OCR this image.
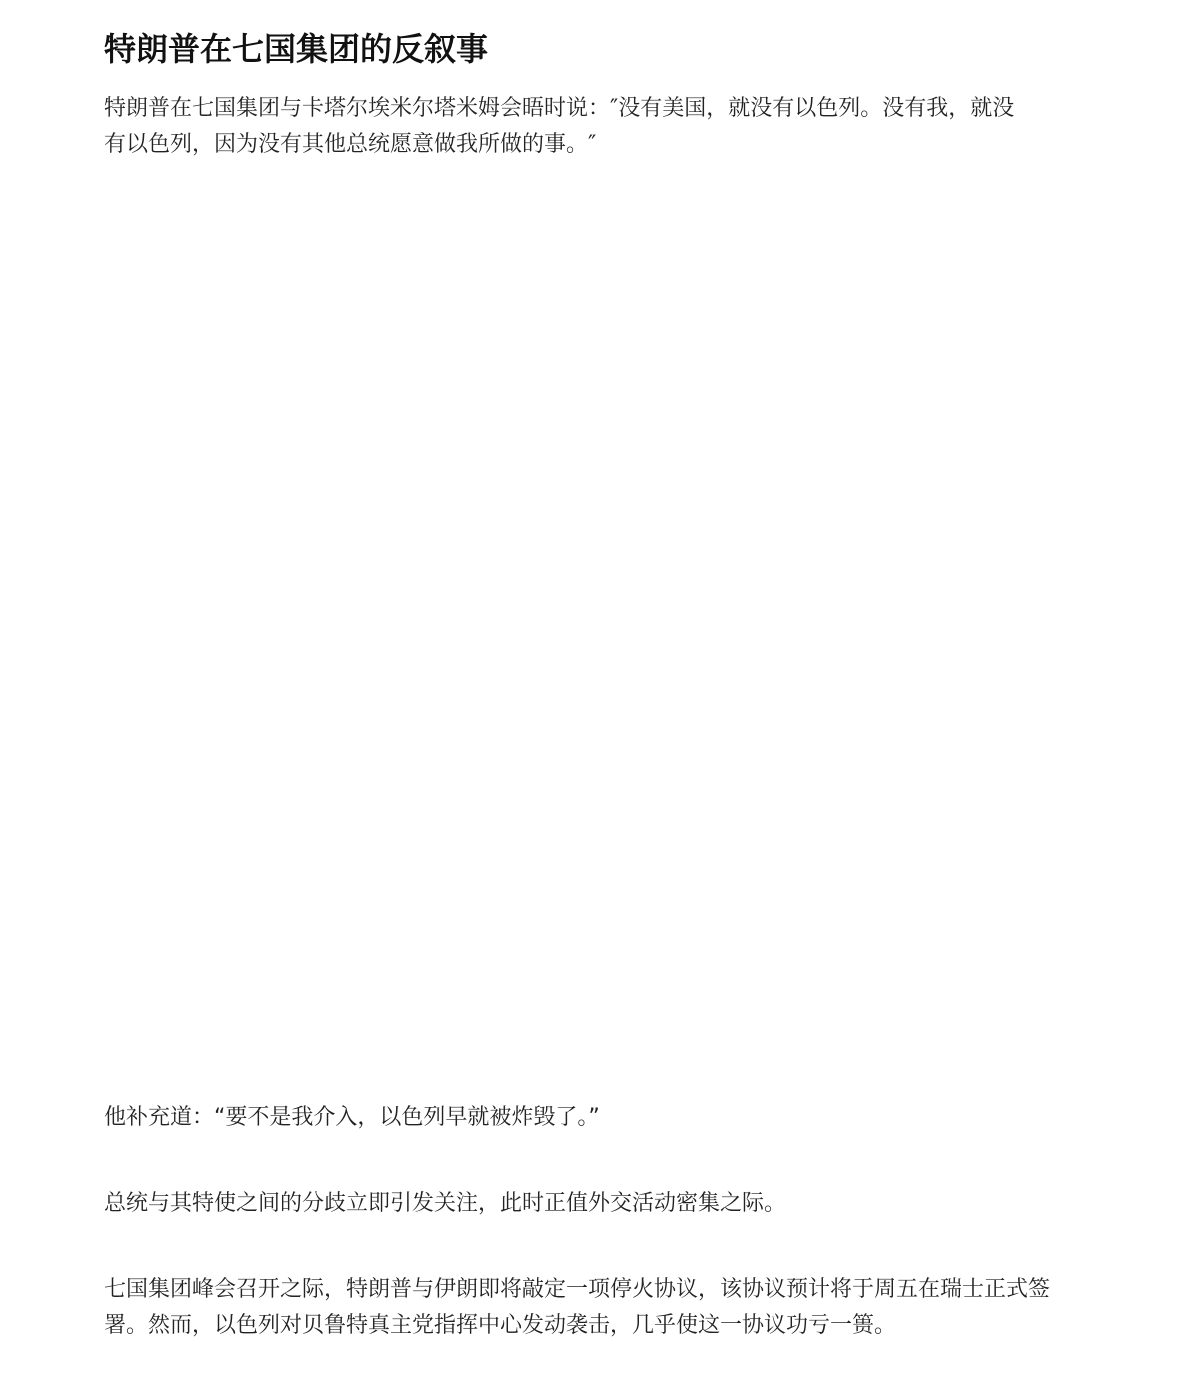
特朗普在七国集团的反叙事

特朗普在七国集团与卡塔尔埃米尔塔米姆会晤时说：″没有美国，就没有以色列。没有我，就没有以色列，因为没有其他总统愿意做我所做的事。″

他补充道：“要不是我介入，以色列早就被炸毁了。”

总统与其特使之间的分歧立即引发关注，此时正值外交活动密集之际。

七国集团峰会召开之际，特朗普与伊朗即将敲定一项停火协议，该协议预计将于周五在瑞士正式签署。然而，以色列对贝鲁特真主党指挥中心发动袭击，几乎使这一协议功亏一篑。
